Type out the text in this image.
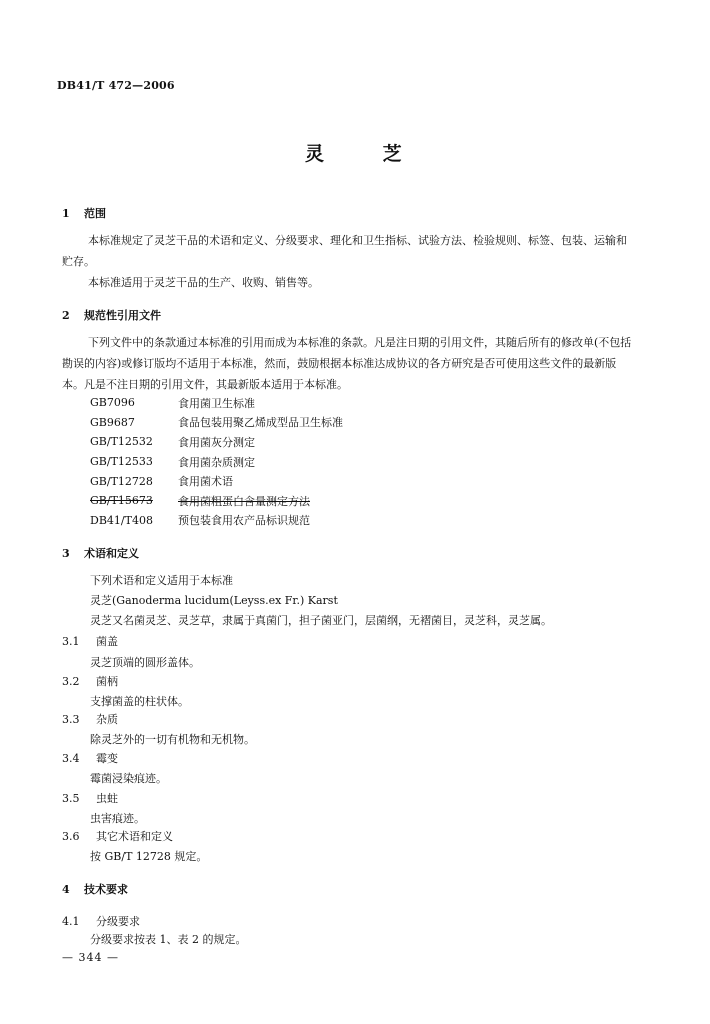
DB41/T 472—2006
灵 芝
1 范围
本标准规定了灵芝干品的术语和定义、分级要求、理化和卫生指标、试验方法、检验规则、标签、包装、运输和贮存。
本标准适用于灵芝干品的生产、收购、销售等。
2 规范性引用文件
下列文件中的条款通过本标准的引用而成为本标准的条款。凡是注日期的引用文件，其随后所有的修改单(不包括勘误的内容)或修订版均不适用于本标准，然而，鼓励根据本标准达成协议的各方研究是否可使用这些文件的最新版本。凡是不注日期的引用文件，其最新版本适用于本标准。
GB7096	食用菌卫生标准
GB9687	食品包装用聚乙烯成型品卫生标准
GB/T12532	食用菌灰分测定
GB/T12533	食用菌杂质测定
GB/T12728	食用菌术语
GB/T15673	食用菌粗蛋白含量测定方法
DB41/T408	预包装食用农产品标识规范
3 术语和定义
下列术语和定义适用于本标准
灵芝(Ganoderma lucidum(Leyss.ex Fr.) Karst
灵芝又名菌灵芝、灵芝草，隶属于真菌门，担子菌亚门，层菌纲，无褶菌目，灵芝科，灵芝属。
3.1 菌盖
灵芝顶端的圆形盖体。
3.2 菌柄
支撑菌盖的柱状体。
3.3 杂质
除灵芝外的一切有机物和无机物。
3.4 霉变
霉菌浸染痕迹。
3.5 虫蛀
虫害痕迹。
3.6 其它术语和定义
按 GB/T 12728 规定。
4 技术要求
4.1 分级要求
分级要求按表 1、表 2 的规定。
— 344 —
